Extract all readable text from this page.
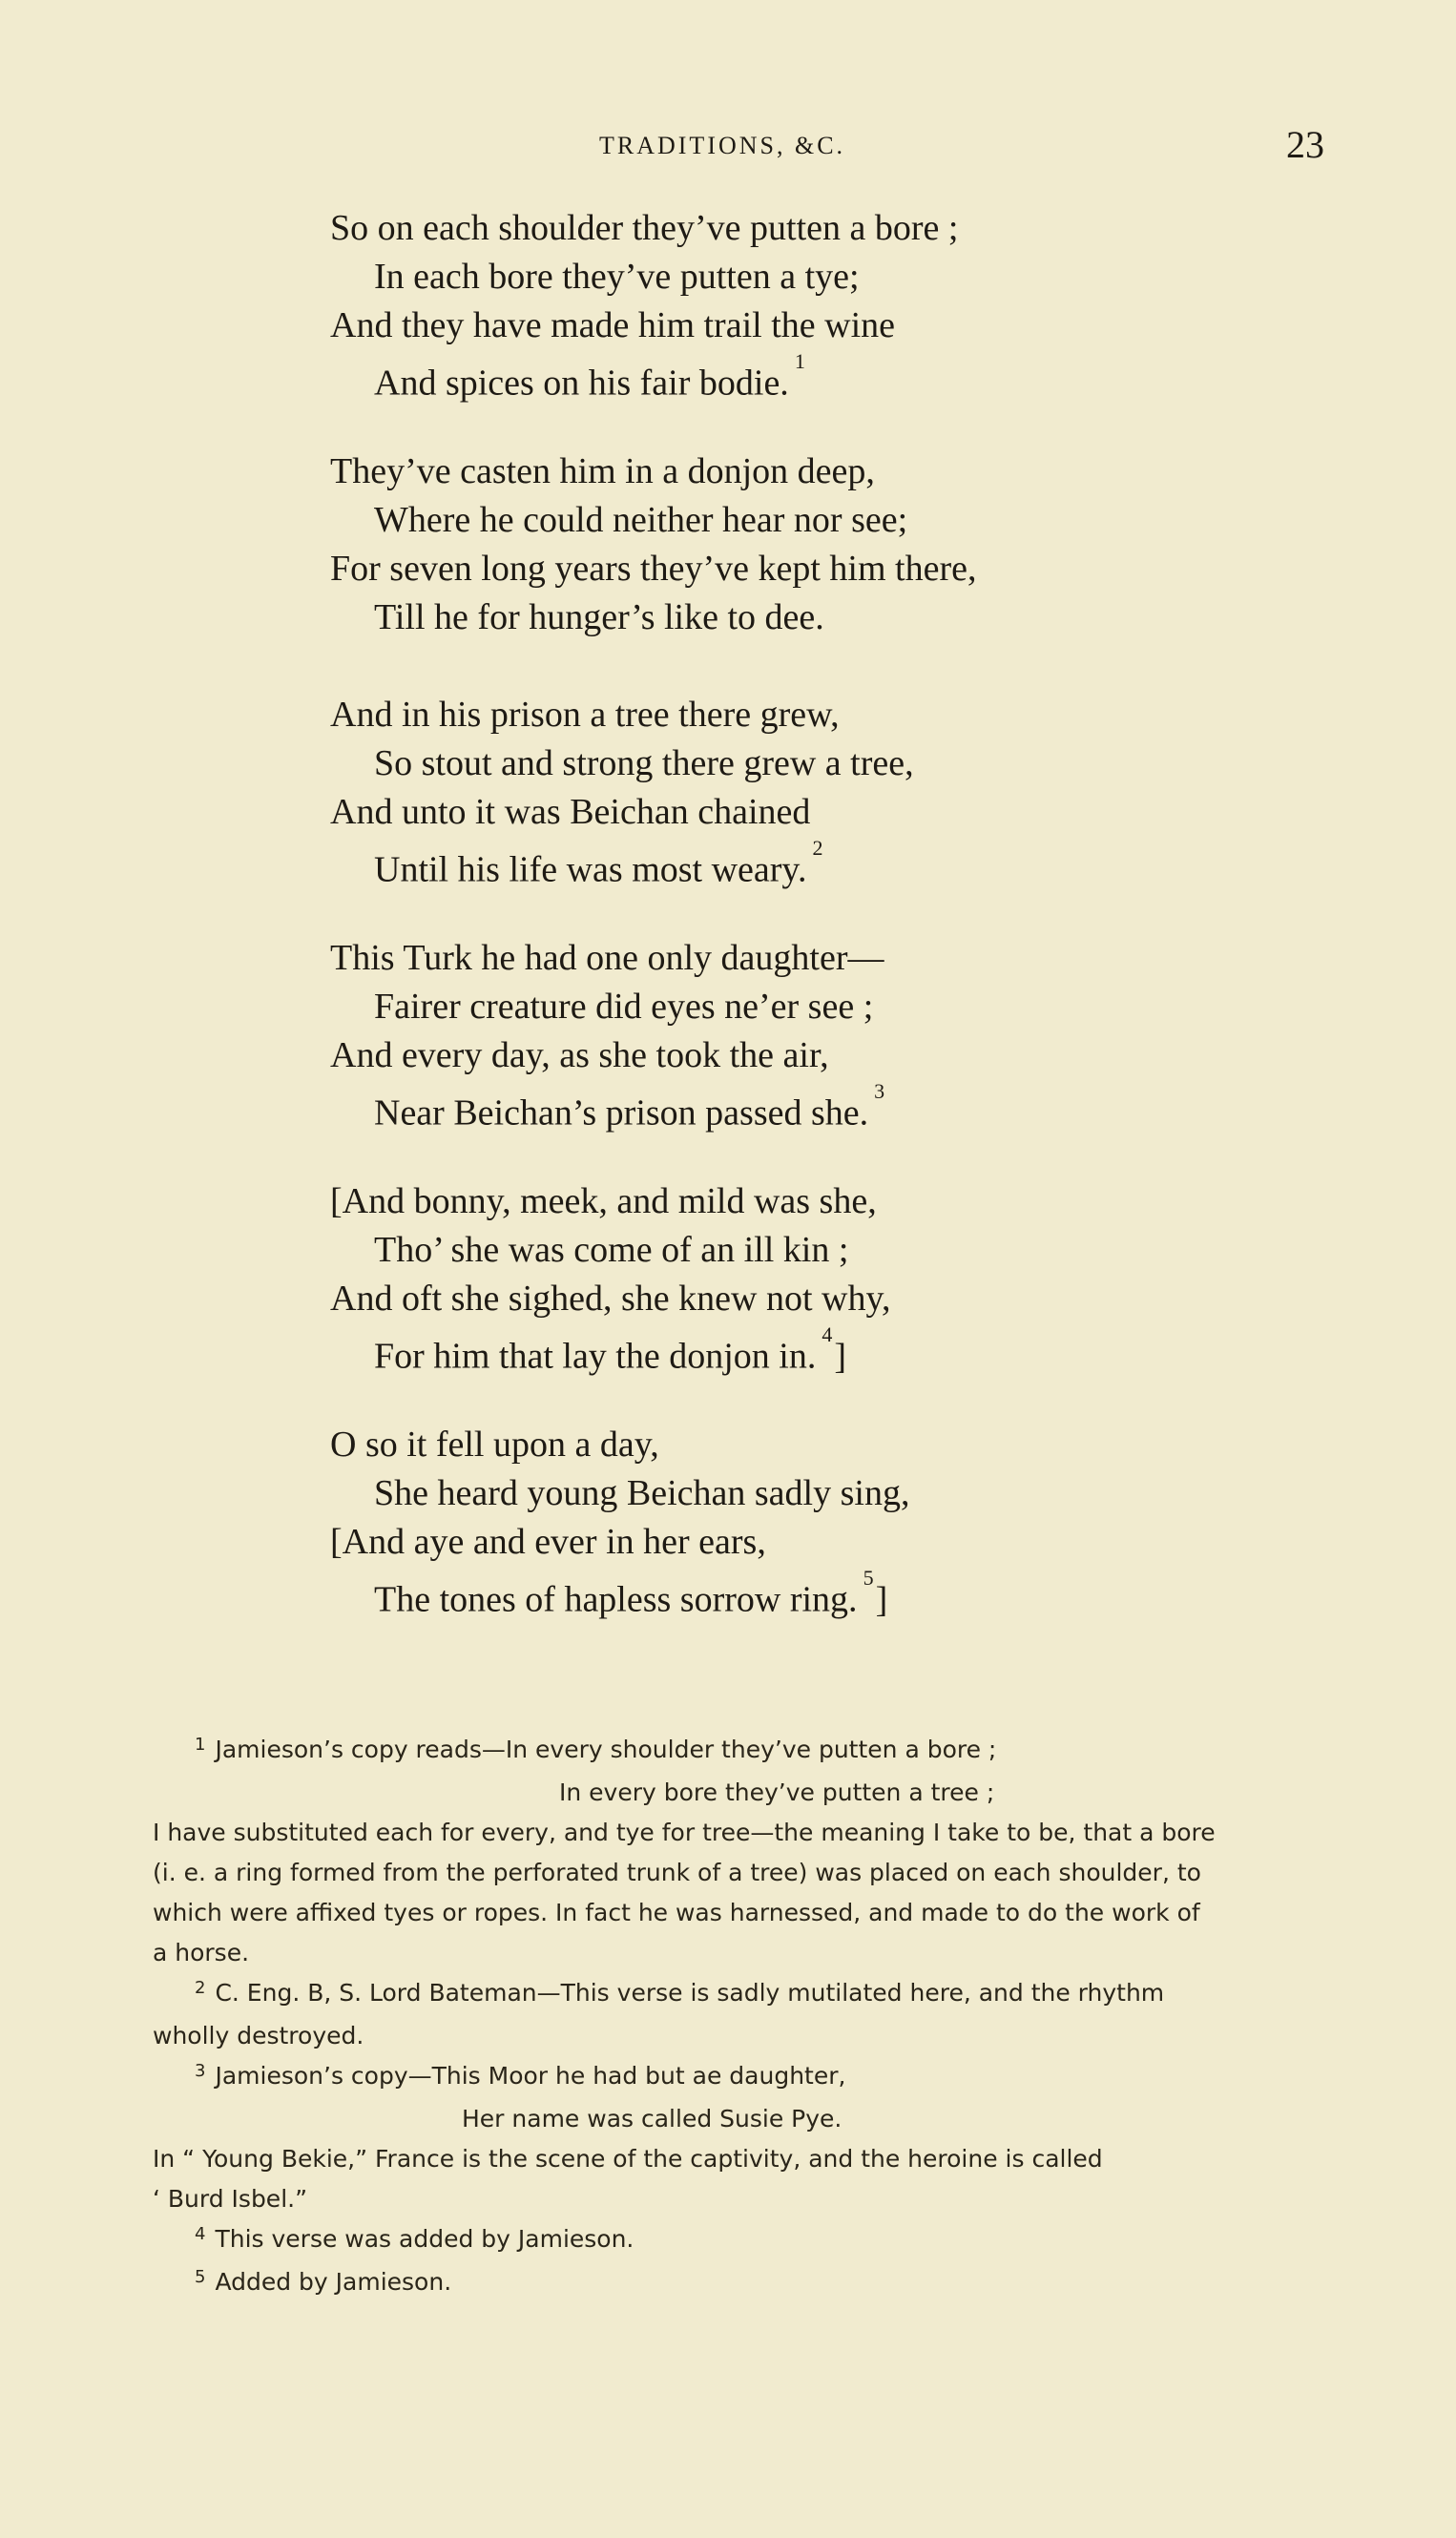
TRADITIONS, &C.	23
So on each shoulder they’ve putten a bore ;
In each bore they’ve putten a tye;
And they have made him trail the wine
And spices on his fair bodie.$^1$
They’ve casten him in a donjon deep,
Where he could neither hear nor see;
For seven long years they’ve kept him there,
Till he for hunger’s like to dee.
And in his prison a tree there grew,
So stout and strong there grew a tree,
And unto it was Beichan chained
Until his life was most weary.$^2$
This Turk he had one only daughter—
Fairer creature did eyes ne’er see ;
And every day, as she took the air,
Near Beichan’s prison passed she.$^3$
[And bonny, meek, and mild was she,
Tho’ she was come of an ill kin ;
And oft she sighed, she knew not why,
For him that lay the donjon in.$^4$]
O so it fell upon a day,
She heard young Beichan sadly sing,
[And aye and ever in her ears,
The tones of hapless sorrow ring.$^5$]
$^1$ Jamieson’s copy reads—In every shoulder they’ve putten a bore ;
In every bore they’ve putten a tree ;
I have substituted each for every, and tye for tree—the meaning I take to be, that a bore
(i. e. a ring formed from the perforated trunk of a tree) was placed on each shoulder, to
which were affixed tyes or ropes. In fact he was harnessed, and made to do the work of
a horse.
$^2$ C. Eng. B, S. Lord Bateman—This verse is sadly mutilated here, and the rhythm
wholly destroyed.
$^3$ Jamieson’s copy—This Moor he had but ae daughter,
Her name was called Susie Pye.
In “ Young Bekie,” France is the scene of the captivity, and the heroine is called
‘ Burd Isbel.”
$^4$ This verse was added by Jamieson.
$^5$ Added by Jamieson.
